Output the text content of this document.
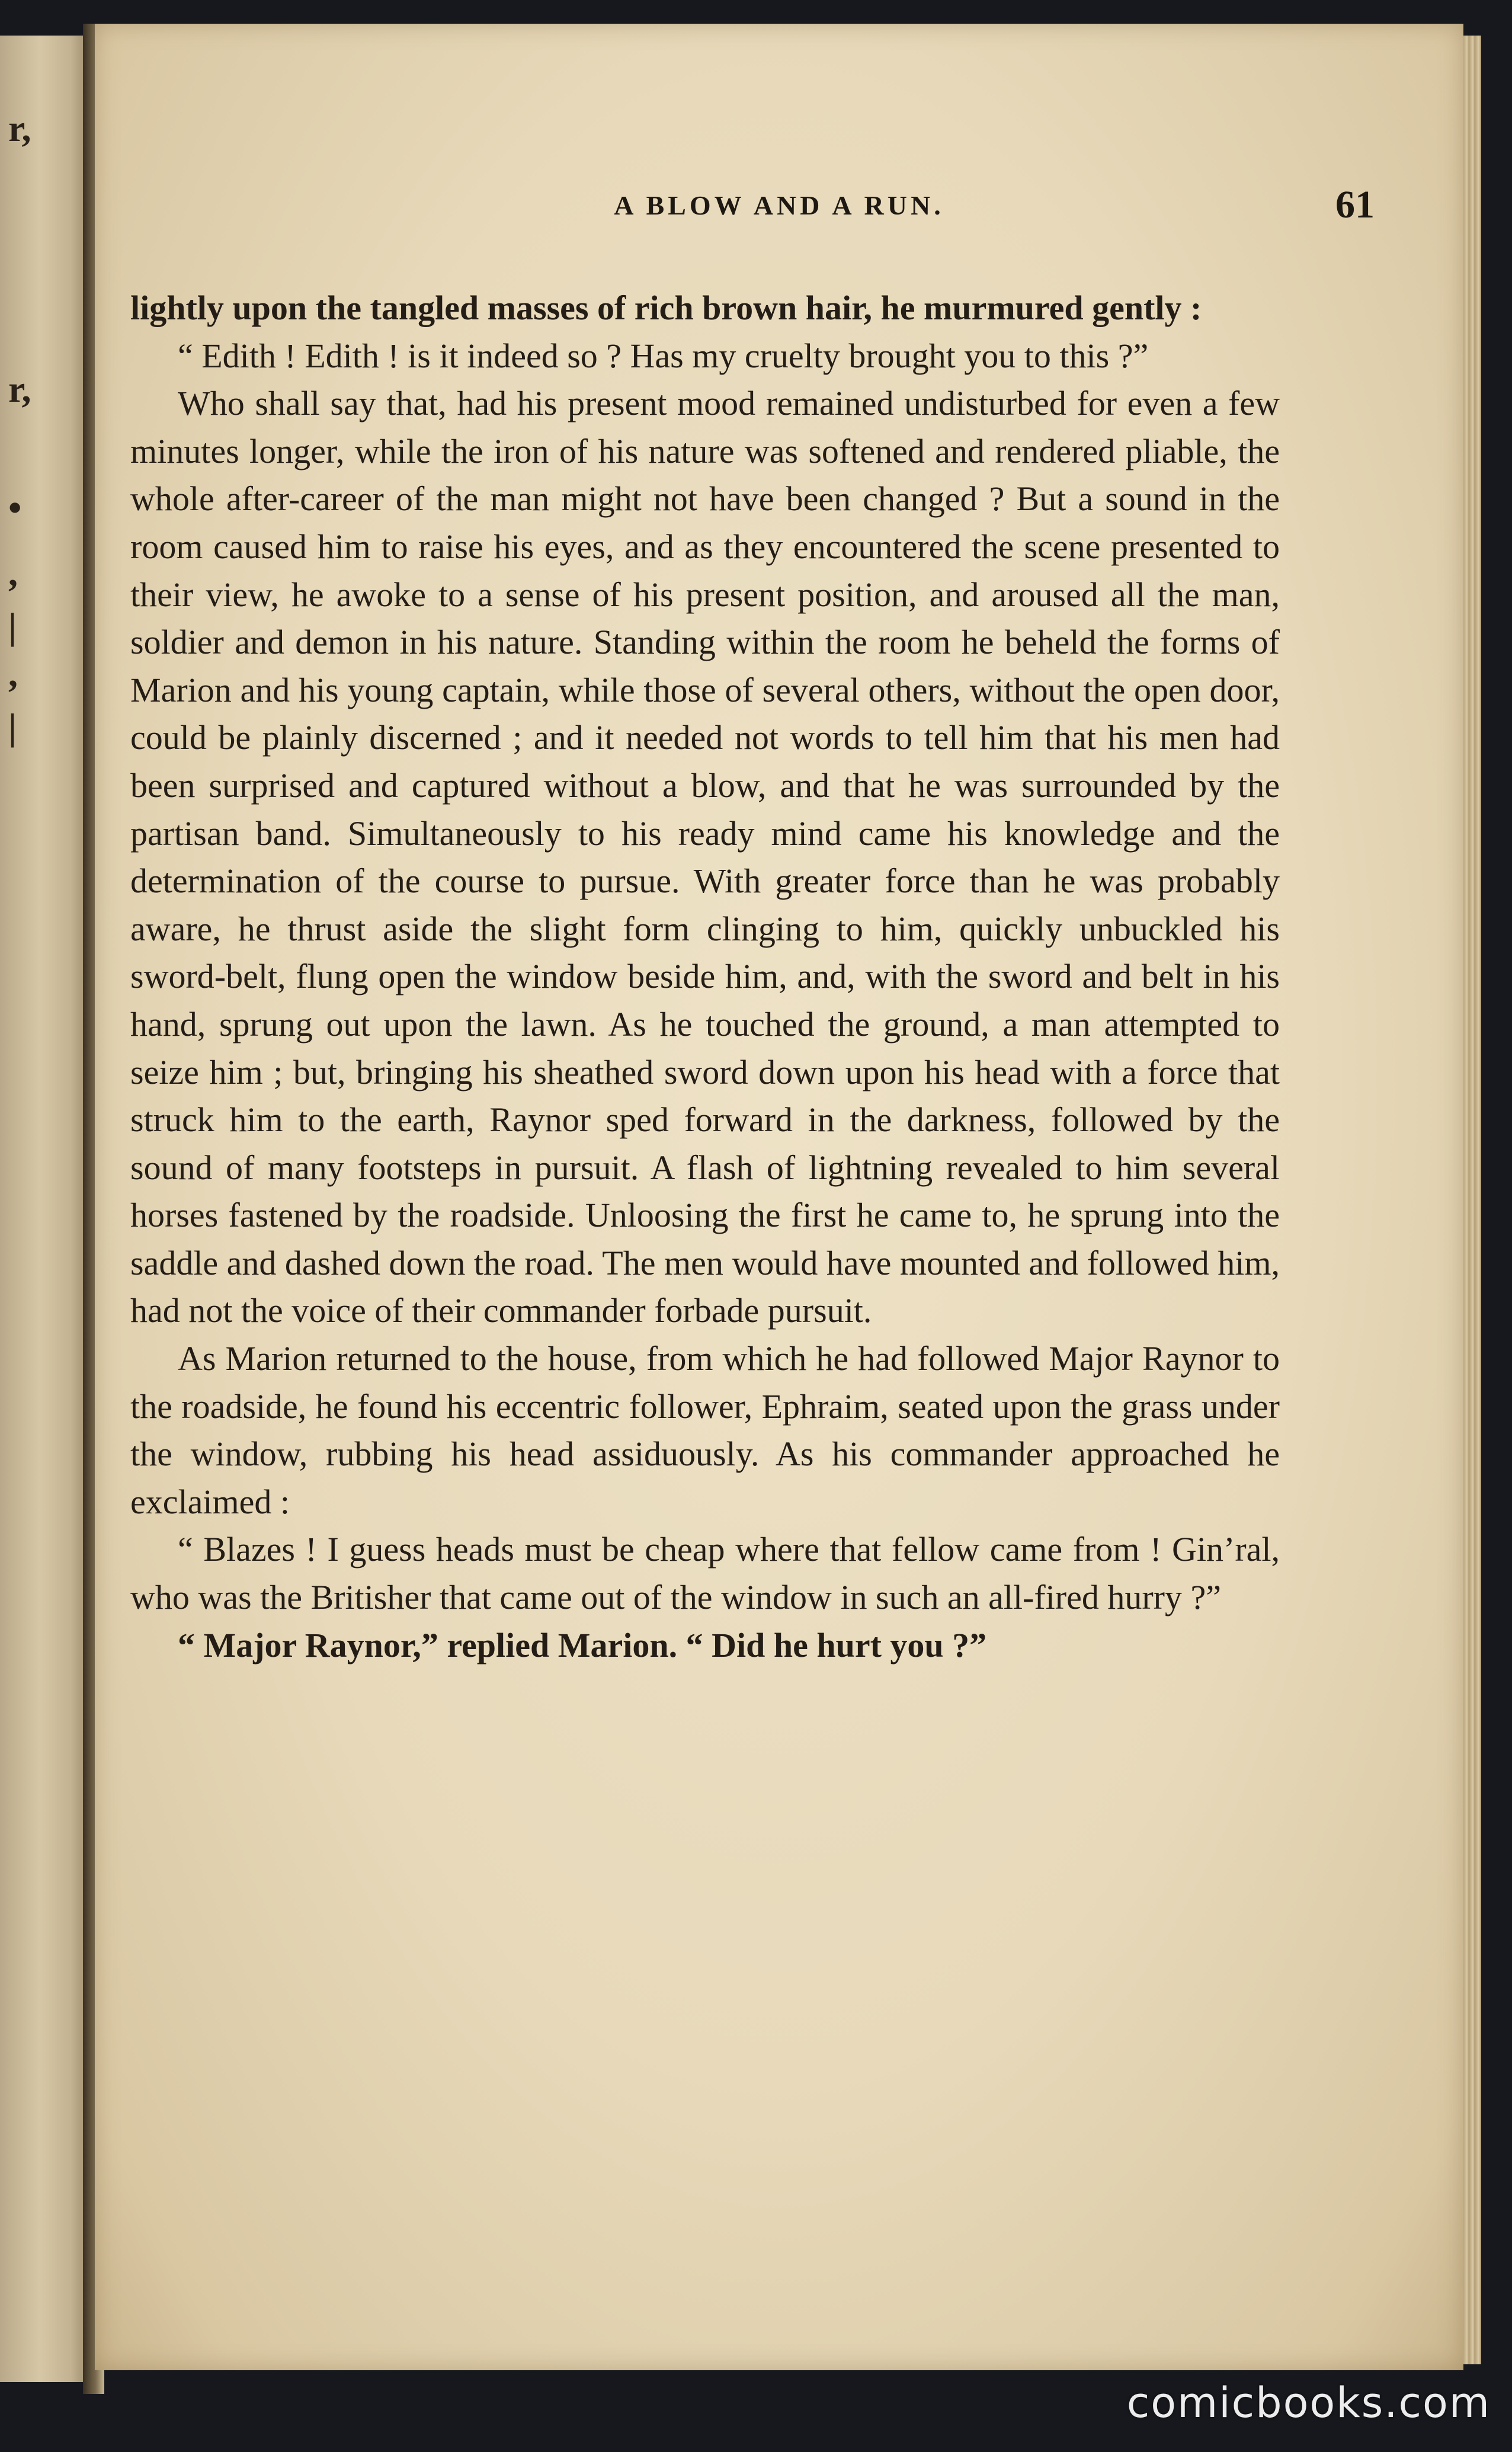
r,
r,
•
,
|
,
|
A BLOW AND A RUN.	61

lightly upon the tangled masses of rich brown hair, he murmured gently :

“ Edith ! Edith ! is it indeed so ? Has my cruelty brought you to this ?”

Who shall say that, had his present mood remained undisturbed for even a few minutes longer, while the iron of his nature was softened and rendered pliable, the whole after-career of the man might not have been changed ? But a sound in the room caused him to raise his eyes, and as they encountered the scene presented to their view, he awoke to a sense of his present position, and aroused all the man, soldier and demon in his nature. Standing within the room he beheld the forms of Marion and his young captain, while those of several others, without the open door, could be plainly discerned ; and it needed not words to tell him that his men had been surprised and captured without a blow, and that he was surrounded by the partisan band. Simultaneously to his ready mind came his knowledge and the determination of the course to pursue. With greater force than he was probably aware, he thrust aside the slight form clinging to him, quickly unbuckled his sword-belt, flung open the window beside him, and, with the sword and belt in his hand, sprung out upon the lawn. As he touched the ground, a man attempted to seize him ; but, bringing his sheathed sword down upon his head with a force that struck him to the earth, Raynor sped forward in the darkness, followed by the sound of many footsteps in pursuit. A flash of lightning revealed to him several horses fastened by the roadside. Unloosing the first he came to, he sprung into the saddle and dashed down the road. The men would have mounted and followed him, had not the voice of their commander forbade pursuit.

As Marion returned to the house, from which he had followed Major Raynor to the roadside, he found his eccentric follower, Ephraim, seated upon the grass under the window, rubbing his head assiduously. As his commander approached he exclaimed :

“ Blazes ! I guess heads must be cheap where that fellow came from ! Gin’ral, who was the Britisher that came out of the window in such an all-fired hurry ?”

“ Major Raynor,” replied Marion. “ Did he hurt you ?”

comicbooks.com
